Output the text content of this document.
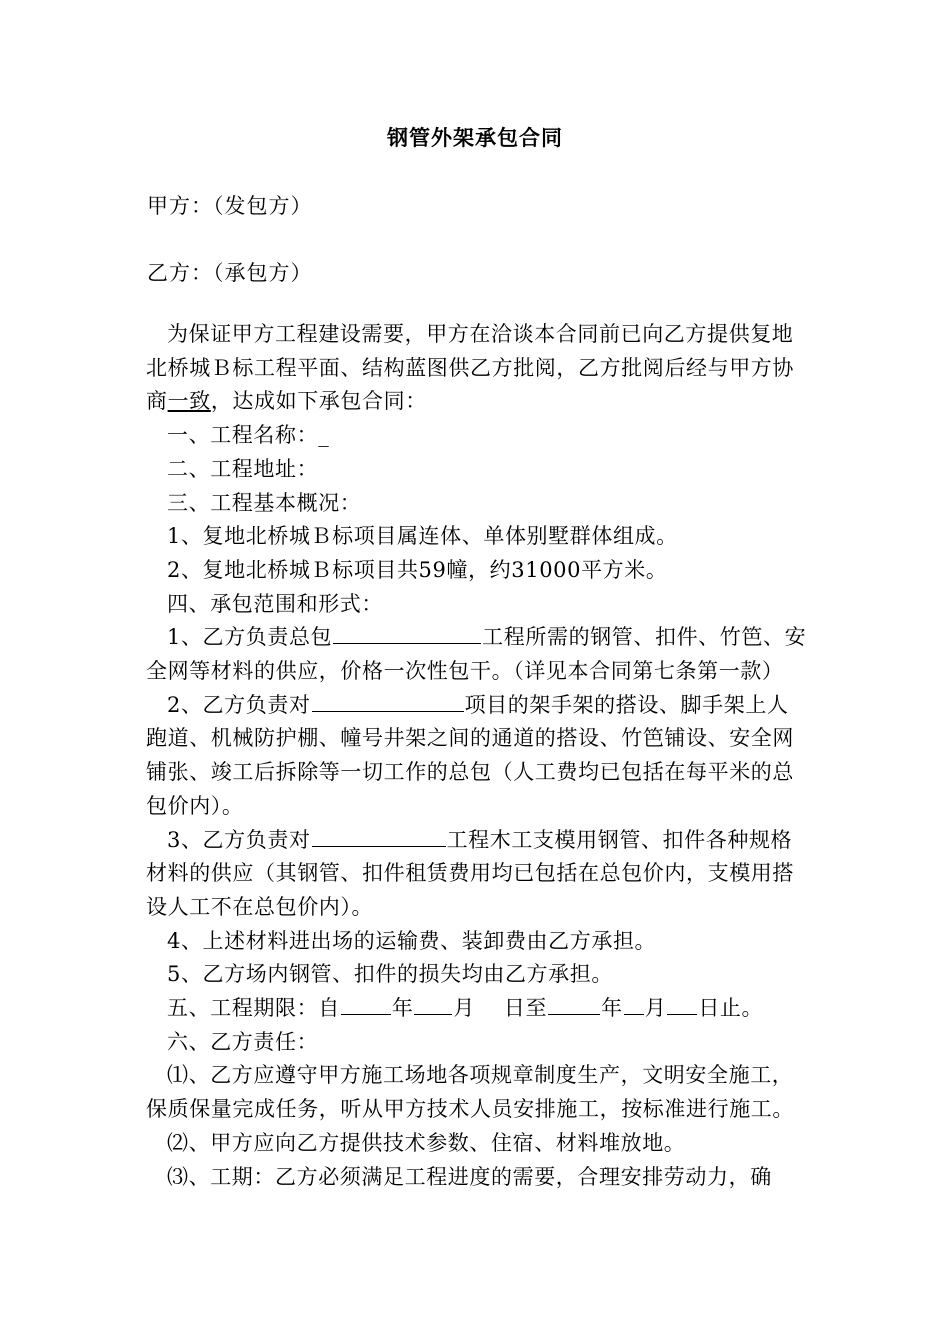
钢管外架承包合同
甲方：（发包方）
乙方：（承包方）

为保证甲方工程建设需要，甲方在洽谈本合同前已向乙方提供复地北桥城Ｂ标工程平面、结构蓝图供乙方批阅，乙方批阅后经与甲方协商一致，达成如下承包合同：

一、工程名称：_

二、工程地址：

三、工程基本概况：

1、复地北桥城Ｂ标项目属连体、单体别墅群体组成。

2、复地北桥城Ｂ标项目共59幢，约31000平方米。

四、承包范围和形式：

1、乙方负责总包	工程所需的钢管、扣件、竹笆、安全网等材料的供应，价格一次性包干。（详见本合同第七条第一款）

2、乙方负责对	项目的架手架的搭设、脚手架上人跑道、机械防护棚、幢号井架之间的通道的搭设、竹笆铺设、安全网铺张、竣工后拆除等一切工作的总包（人工费均已包括在每平米的总包价内）。

3、乙方负责对	工程木工支模用钢管、扣件各种规格材料的供应（其钢管、扣件租赁费用均已包括在总包价内，支模用搭设人工不在总包价内）。

4、上述材料进出场的运输费、装卸费由乙方承担。

5、乙方场内钢管、扣件的损失均由乙方承担。

五、工程期限：自 年 月　 日至	年 月 日止。

六、乙方责任：

⑴、乙方应遵守甲方施工场地各项规章制度生产，文明安全施工，保质保量完成任务，听从甲方技术人员安排施工，按标准进行施工。

⑵、甲方应向乙方提供技术参数、住宿、材料堆放地。

⑶、工期：乙方必须满足工程进度的需要，合理安排劳动力，确
